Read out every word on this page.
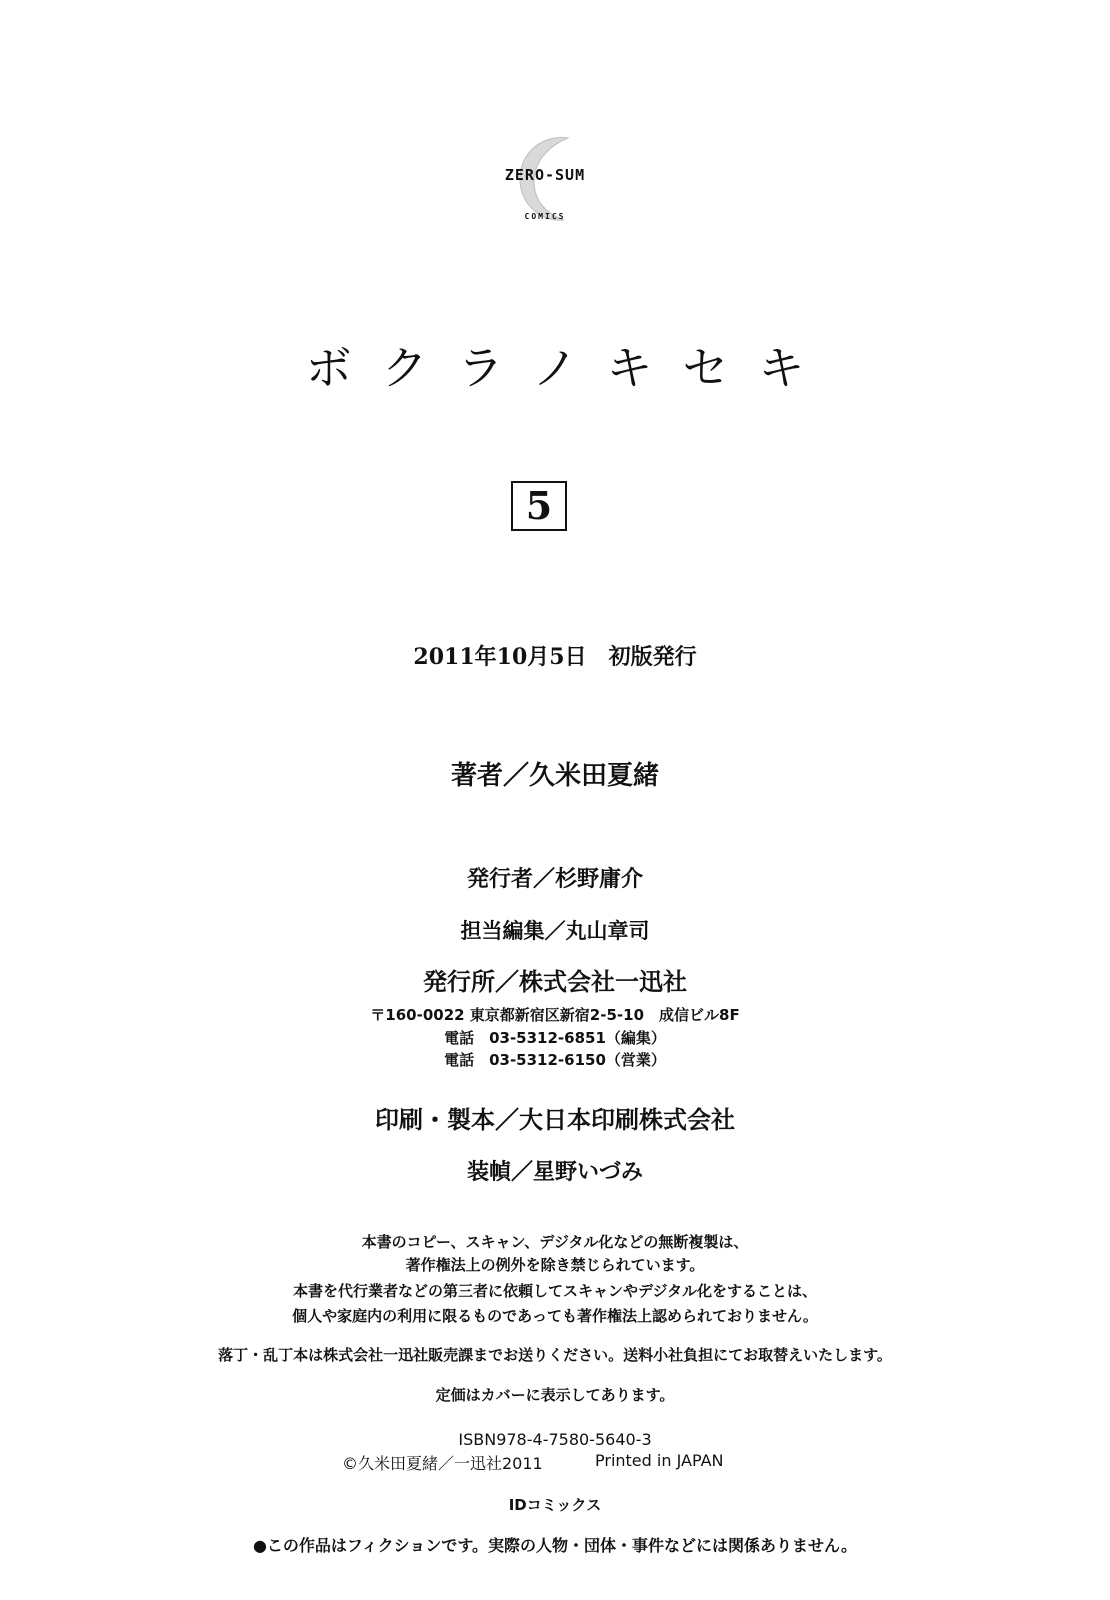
ZERO-SUM
COMICS
ボクラノキセキ
5
2011年10月5日　初版発行
著者／久米田夏緒
発行者／杉野庸介
担当編集／丸山章司
発行所／株式会社一迅社
〒160-0022 東京都新宿区新宿2-5-10　成信ビル8F
電話　03-5312-6851（編集）
電話　03-5312-6150（営業）
印刷・製本／大日本印刷株式会社
装幀／星野いづみ
本書のコピー、スキャン、デジタル化などの無断複製は、
著作権法上の例外を除き禁じられています。
本書を代行業者などの第三者に依頼してスキャンやデジタル化をすることは、
個人や家庭内の利用に限るものであっても著作権法上認められておりません。
落丁・乱丁本は株式会社一迅社販売課までお送りください。送料小社負担にてお取替えいたします。
定価はカバーに表示してあります。
ISBN978-4-7580-5640-3
©久米田夏緒／一迅社2011	Printed in JAPAN
IDコミックス
●この作品はフィクションです。実際の人物・団体・事件などには関係ありません。
